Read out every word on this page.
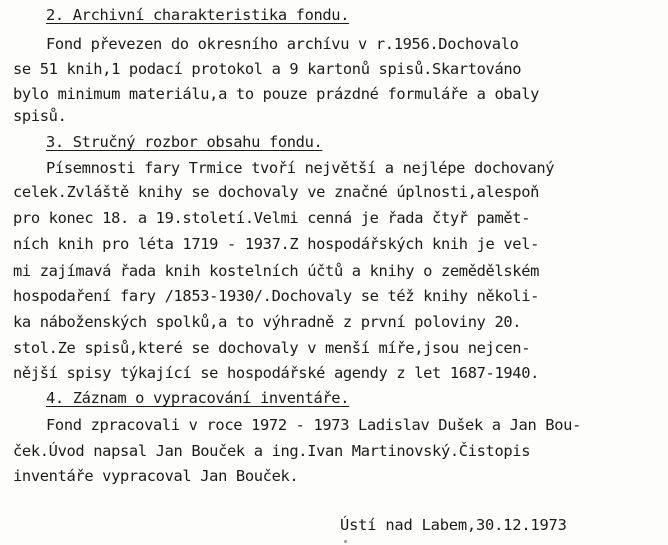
2. Archivní charakteristika fondu.
Fond převezen do okresního archívu v r.1956.Dochovalo
se 51 knih,1 podací protokol a 9 kartonů spisů.Skartováno
bylo minimum materiálu,a to pouze prázdné formuláře a obaly
spisů.
3. Stručný rozbor obsahu fondu.
Písemnosti fary Trmice tvoří největší a nejlépe dochovaný
celek.Zvláště knihy se dochovaly ve značné úplnosti,alespoň
pro konec 18. a 19.století.Velmi cenná je řada čtyř pamět-
ních knih pro léta 1719 - 1937.Z hospodářských knih je vel-
mi zajímavá řada knih kostelních účtů a knihy o zemědělském
hospodaření fary /1853-1930/.Dochovaly se též knihy několi-
ka náboženských spolků,a to výhradně z první poloviny 20.
stol.Ze spisů,které se dochovaly v menší míře,jsou nejcen-
nější spisy týkající se hospodářské agendy z let 1687-1940.
4. Záznam o vypracování inventáře.
Fond zpracovali v roce 1972 - 1973 Ladislav Dušek a Jan Bou-
ček.Úvod napsal Jan Bouček a ing.Ivan Martinovský.Čistopis
inventáře vypracoval Jan Bouček.
Ústí nad Labem,30.12.1973
